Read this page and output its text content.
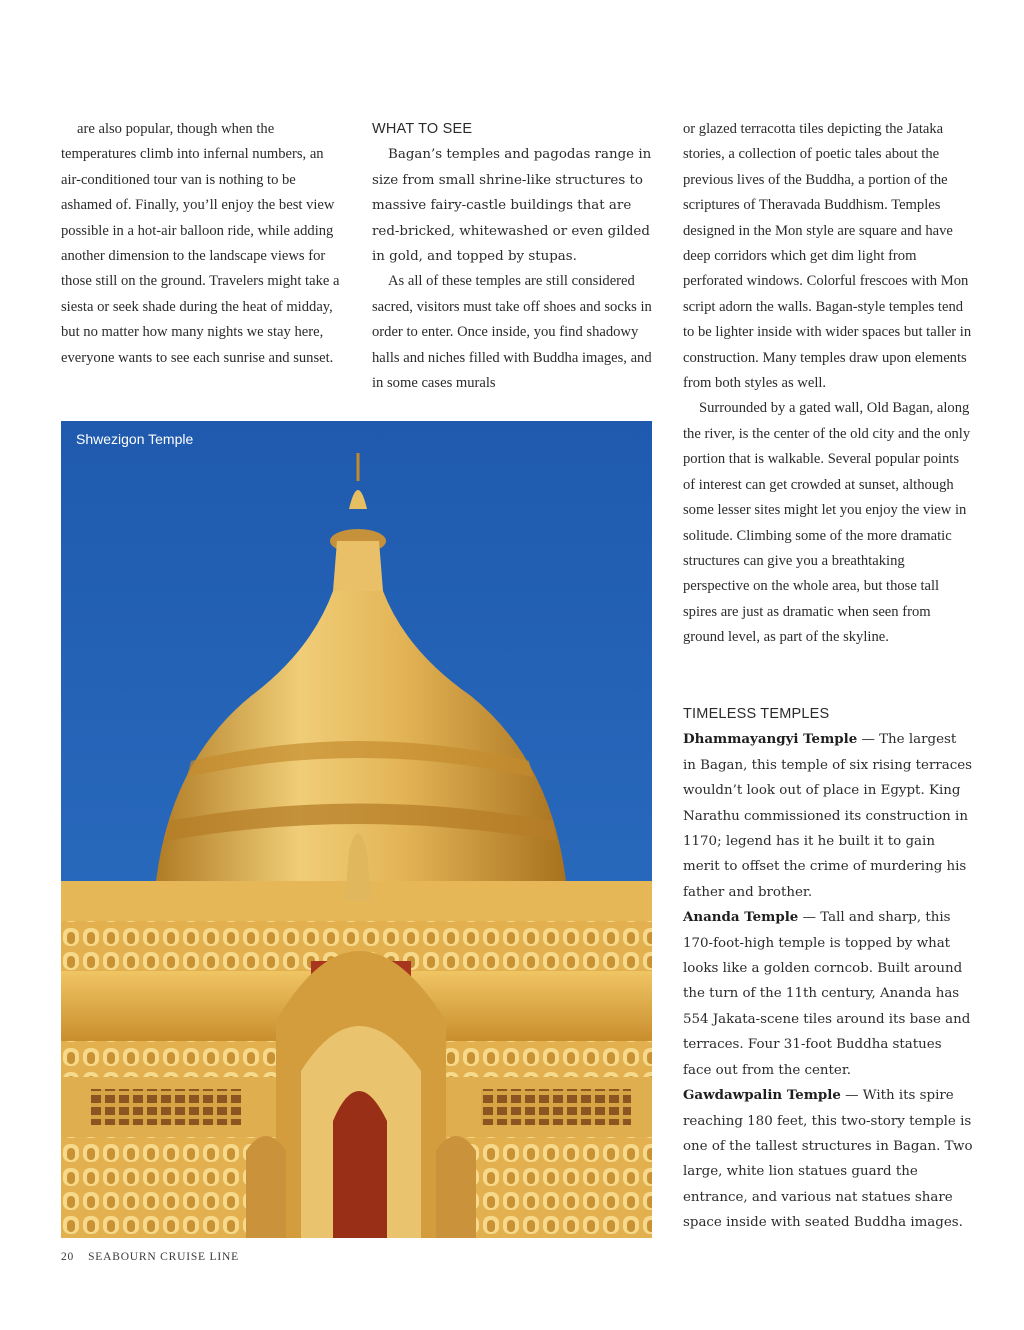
are also popular, though when the temperatures climb into infernal numbers, an air-conditioned tour van is nothing to be ashamed of. Finally, you’ll enjoy the best view possible in a hot-air balloon ride, while adding another dimension to the landscape views for those still on the ground. Travelers might take a siesta or seek shade during the heat of midday, but no matter how many nights we stay here, everyone wants to see each sunrise and sunset.

WHAT TO SEE

Bagan’s temples and pagodas range in size from small shrine-like structures to massive fairy-castle buildings that are red-bricked, whitewashed or even gilded in gold, and topped by stupas.

As all of these temples are still considered sacred, visitors must take off shoes and socks in order to enter. Once inside, you find shadowy halls and niches filled with Buddha images, and in some cases murals

or glazed terracotta tiles depicting the Jataka stories, a collection of poetic tales about the previous lives of the Buddha, a portion of the scriptures of Theravada Buddhism. Temples designed in the Mon style are square and have deep corridors which get dim light from perforated windows. Colorful frescoes with Mon script adorn the walls. Bagan-style temples tend to be lighter inside with wider spaces but taller in construction. Many temples draw upon elements from both styles as well.

Surrounded by a gated wall, Old Bagan, along the river, is the center of the old city and the only portion that is walkable. Several popular points of interest can get crowded at sunset, although some lesser sites might let you enjoy the view in solitude. Climbing some of the more dramatic structures can give you a breathtaking perspective on the whole area, but those tall spires are just as dramatic when seen from ground level, as part of the skyline.

TIMELESS TEMPLES

Dhammayangyi Temple — The largest in Bagan, this temple of six rising terraces wouldn’t look out of place in Egypt. King Narathu commissioned its construction in 1170; legend has it he built it to gain merit to offset the crime of murdering his father and brother.

Ananda Temple — Tall and sharp, this 170-foot-high temple is topped by what looks like a golden corncob. Built around the turn of the 11th century, Ananda has 554 Jakata-scene tiles around its base and terraces. Four 31-foot Buddha statues face out from the center.

Gawdawpalin Temple — With its spire reaching 180 feet, this two-story temple is one of the tallest structures in Bagan. Two large, white lion statues guard the entrance, and various nat statues share space inside with seated Buddha images.

Shwezigon Temple
20 SEABOURN CRUISE LINE
